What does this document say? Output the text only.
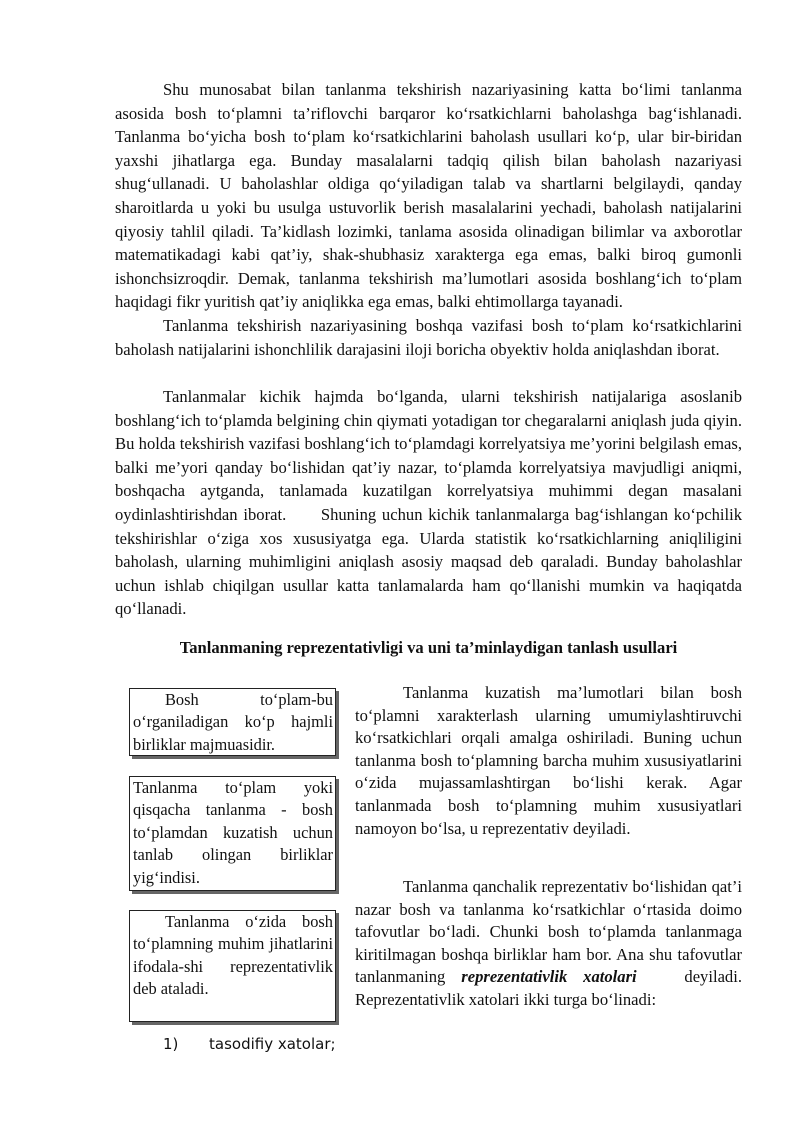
Shu munosabat bilan tanlanma tekshirish nazariyasining katta bo‘limi tanlanma asosida bosh to‘plamni ta’riflovchi barqaror ko‘rsatkichlarni baholashga bag‘ishlanadi. Tanlanma bo‘yicha bosh to‘plam ko‘rsatkichlarini baholash usullari ko‘p, ular bir-biridan yaxshi jihatlarga ega. Bunday masalalarni tadqiq qilish bilan baholash nazariyasi shug‘ullanadi. U baholashlar oldiga qo‘yiladigan talab va shartlarni belgilaydi, qanday sharoitlarda u yoki bu usulga ustuvorlik berish masalalarini yechadi, baholash natijalarini qiyosiy tahlil qiladi. Ta’kidlash lozimki, tanlama asosida olinadigan bilimlar va axborotlar matematikadagi kabi qat’iy, shak-shubhasiz xarakterga ega emas, balki biroq gumonli ishonchsizroqdir. Demak, tanlanma tekshirish ma’lumotlari asosida boshlang‘ich to‘plam haqidagi fikr yuritish qat’iy aniqlikka ega emas, balki ehtimollarga tayanadi.

Tanlanma tekshirish nazariyasining boshqa vazifasi bosh to‘plam ko‘rsatkichlarini baholash natijalarini ishonchlilik darajasini iloji boricha obyektiv holda aniqlashdan iborat.

Tanlanmalar kichik hajmda bo‘lganda, ularni tekshirish natijalariga asoslanib boshlang‘ich to‘plamda belgining chin qiymati yotadigan tor chegaralarni aniqlash juda qiyin. Bu holda tekshirish vazifasi boshlang‘ich to‘plamdagi korrelyatsiya me’yorini belgilash emas, balki me’yori qanday bo‘lishidan qat’iy nazar, to‘plamda korrelyatsiya mavjudligi aniqmi, boshqacha aytganda, tanlamada kuzatilgan korrelyatsiya muhimmi degan masalani oydinlashtirishdan iborat. Shuning uchun kichik tanlanmalarga bag‘ishlangan ko‘pchilik tekshirishlar o‘ziga xos xususiyatga ega. Ularda statistik ko‘rsatkichlarning aniqliligini baholash, ularning muhimligini aniqlash asosiy maqsad deb qaraladi. Bunday baholashlar uchun ishlab chiqilgan usullar katta tanlamalarda ham qo‘llanishi mumkin va haqiqatda qo‘llanadi.

Tanlanmaning reprezentativligi va uni ta’minlaydigan tanlash usullari

Bosh to‘plam-bu o‘rganiladigan ko‘p hajmli birliklar majmuasidir.
Tanlanma to‘plam yoki qisqacha tanlanma - bosh to‘plamdan kuzatish uchun tanlab olingan birliklar yig‘indisi.
Tanlanma o‘zida bosh to‘plamning muhim jihatlarini ifodala-shi reprezentativlik deb ataladi.

Tanlanma kuzatish ma’lumotlari bilan bosh to‘plamni xarakterlash ularning umumiylashtiruvchi ko‘rsatkichlari orqali amalga oshiriladi. Buning uchun tanlanma bosh to‘plamning barcha muhim xususiyatlarini o‘zida mujassamlashtirgan bo‘lishi kerak. Agar tanlanmada bosh to‘plamning muhim xususiyatlari namoyon bo‘lsa, u reprezentativ deyiladi.

Tanlanma qanchalik reprezentativ bo‘lishidan qat’i nazar bosh va tanlanma ko‘rsatkichlar o‘rtasida doimo tafovutlar bo‘ladi. Chunki bosh to‘plamda tanlanmaga kiritilmagan boshqa birliklar ham bor. Ana shu tafovutlar tanlanmaning reprezentativlik xatolari	deyiladi. Reprezentativlik xatolari ikki turga bo‘linadi:

1) tasodifiy xatolar;
